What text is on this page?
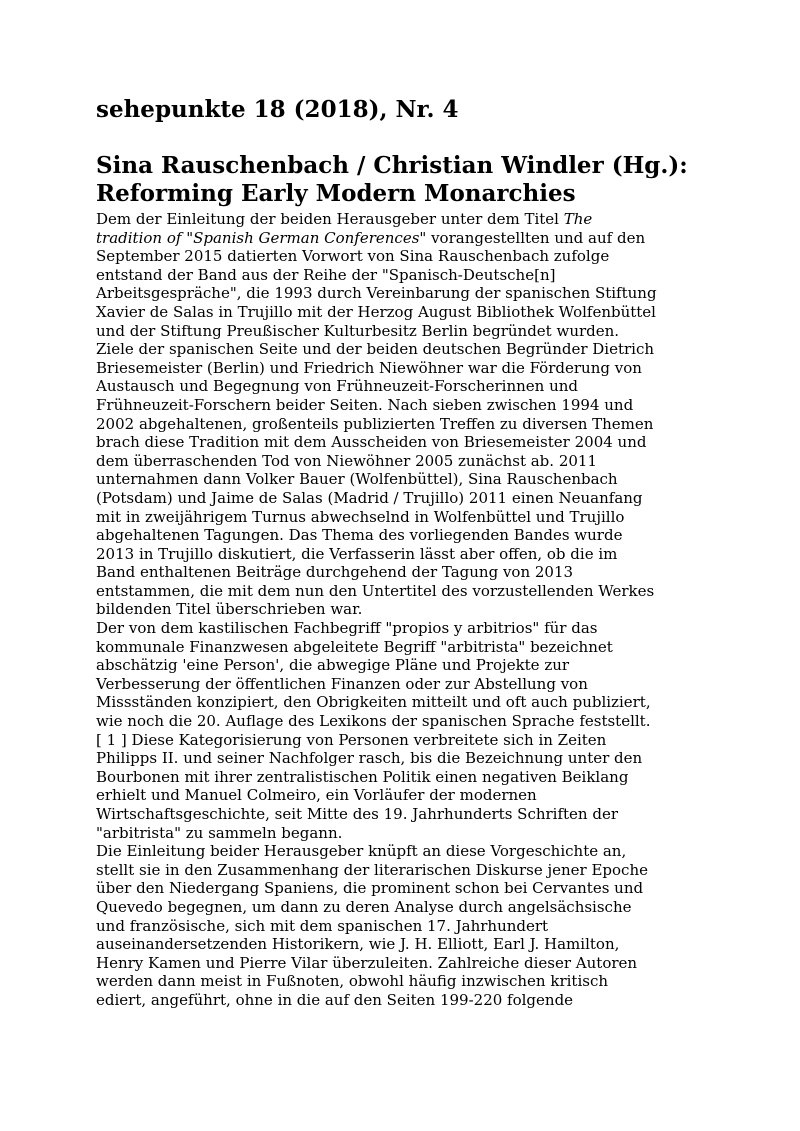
sehepunkte 18 (2018), Nr. 4
Sina Rauschenbach / Christian Windler (Hg.):
Reforming Early Modern Monarchies

Dem der Einleitung der beiden Herausgeber unter dem Titel The
tradition of "Spanish German Conferences" vorangestellten und auf den
September 2015 datierten Vorwort von Sina Rauschenbach zufolge
entstand der Band aus der Reihe der "Spanisch-Deutsche[n]
Arbeitsgespräche", die 1993 durch Vereinbarung der spanischen Stiftung
Xavier de Salas in Trujillo mit der Herzog August Bibliothek Wolfenbüttel
und der Stiftung Preußischer Kulturbesitz Berlin begründet wurden.
Ziele der spanischen Seite und der beiden deutschen Begründer Dietrich
Briesemeister (Berlin) und Friedrich Niewöhner war die Förderung von
Austausch und Begegnung von Frühneuzeit-Forscherinnen und
Frühneuzeit-Forschern beider Seiten. Nach sieben zwischen 1994 und
2002 abgehaltenen, großenteils publizierten Treffen zu diversen Themen
brach diese Tradition mit dem Ausscheiden von Briesemeister 2004 und
dem überraschenden Tod von Niewöhner 2005 zunächst ab. 2011
unternahmen dann Volker Bauer (Wolfenbüttel), Sina Rauschenbach
(Potsdam) und Jaime de Salas (Madrid / Trujillo) 2011 einen Neuanfang
mit in zweijährigem Turnus abwechselnd in Wolfenbüttel und Trujillo
abgehaltenen Tagungen. Das Thema des vorliegenden Bandes wurde
2013 in Trujillo diskutiert, die Verfasserin lässt aber offen, ob die im
Band enthaltenen Beiträge durchgehend der Tagung von 2013
entstammen, die mit dem nun den Untertitel des vorzustellenden Werkes
bildenden Titel überschrieben war.

Der von dem kastilischen Fachbegriff "propios y arbitrios" für das
kommunale Finanzwesen abgeleitete Begriff "arbitrista" bezeichnet
abschätzig 'eine Person', die abwegige Pläne und Projekte zur
Verbesserung der öffentlichen Finanzen oder zur Abstellung von
Missständen konzipiert, den Obrigkeiten mitteilt und oft auch publiziert,
wie noch die 20. Auflage des Lexikons der spanischen Sprache feststellt.
[ 1 ] Diese Kategorisierung von Personen verbreitete sich in Zeiten
Philipps II. und seiner Nachfolger rasch, bis die Bezeichnung unter den
Bourbonen mit ihrer zentralistischen Politik einen negativen Beiklang
erhielt und Manuel Colmeiro, ein Vorläufer der modernen
Wirtschaftsgeschichte, seit Mitte des 19. Jahrhunderts Schriften der
"arbitrista" zu sammeln begann.

Die Einleitung beider Herausgeber knüpft an diese Vorgeschichte an,
stellt sie in den Zusammenhang der literarischen Diskurse jener Epoche
über den Niedergang Spaniens, die prominent schon bei Cervantes und
Quevedo begegnen, um dann zu deren Analyse durch angelsächsische
und französische, sich mit dem spanischen 17. Jahrhundert
auseinandersetzenden Historikern, wie J. H. Elliott, Earl J. Hamilton,
Henry Kamen und Pierre Vilar überzuleiten. Zahlreiche dieser Autoren
werden dann meist in Fußnoten, obwohl häufig inzwischen kritisch
ediert, angeführt, ohne in die auf den Seiten 199-220 folgende
